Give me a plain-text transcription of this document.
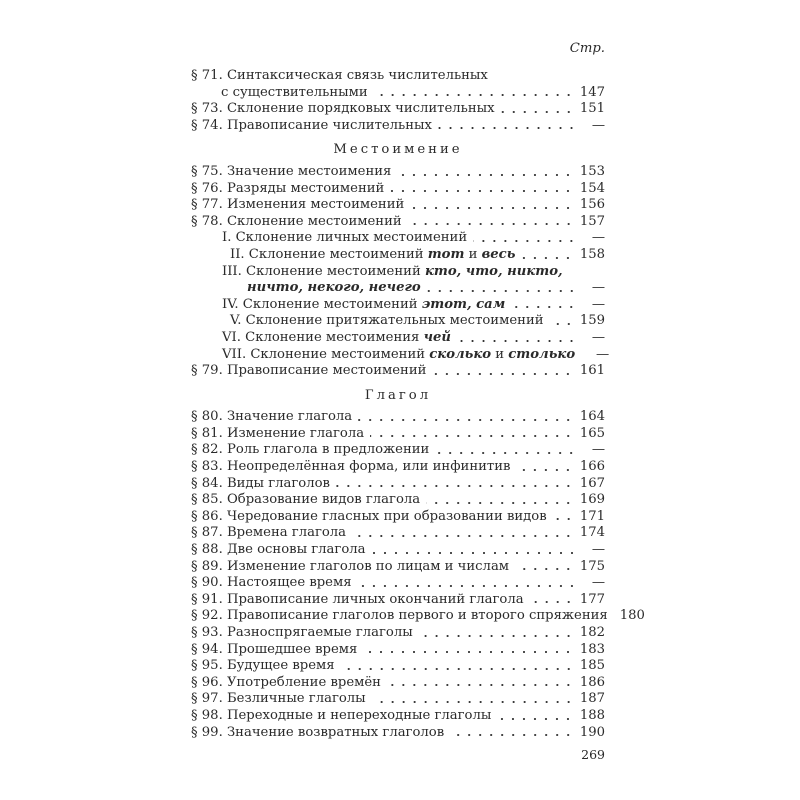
Стр.
§ 71. Синтаксическая связь числительных
с существительными	147
§ 73. Склонение порядковых числительных	151
§ 74. Правописание числительных	—
Местоимение
§ 75. Значение местоимения	153
§ 76. Разряды местоимений	154
§ 77. Изменения местоимений	156
§ 78. Склонение местоимений	157
I. Склонение личных местоимений	—
II. Склонение местоимений тот и весь	158
III. Склонение местоимений кто, что, никто,
ничто, некого, нечего	—
IV. Склонение местоимений этот, сам	—
V. Склонение притяжательных местоимений	159
VI. Склонение местоимения чей	—
VII. Склонение местоимений сколько и столько	—
§ 79. Правописание местоимений	161
Глагол
§ 80. Значение глагола	164
§ 81. Изменение глагола	165
§ 82. Роль глагола в предложении	—
§ 83. Неопределённая форма, или инфинитив	166
§ 84. Виды глаголов	167
§ 85. Образование видов глагола	169
§ 86. Чередование гласных при образовании видов	171
§ 87. Времена глагола	174
§ 88. Две основы глагола	—
§ 89. Изменение глаголов по лицам и числам	175
§ 90. Настоящее время	—
§ 91. Правописание личных окончаний глагола	177
§ 92. Правописание глаголов первого и второго спряжения 180
§ 93. Разноспрягаемые глаголы	182
§ 94. Прошедшее время	183
§ 95. Будущее время	185
§ 96. Употребление времён	186
§ 97. Безличные глаголы	187
§ 98. Переходные и непереходные глаголы	188
§ 99. Значение возвратных глаголов	190
269
